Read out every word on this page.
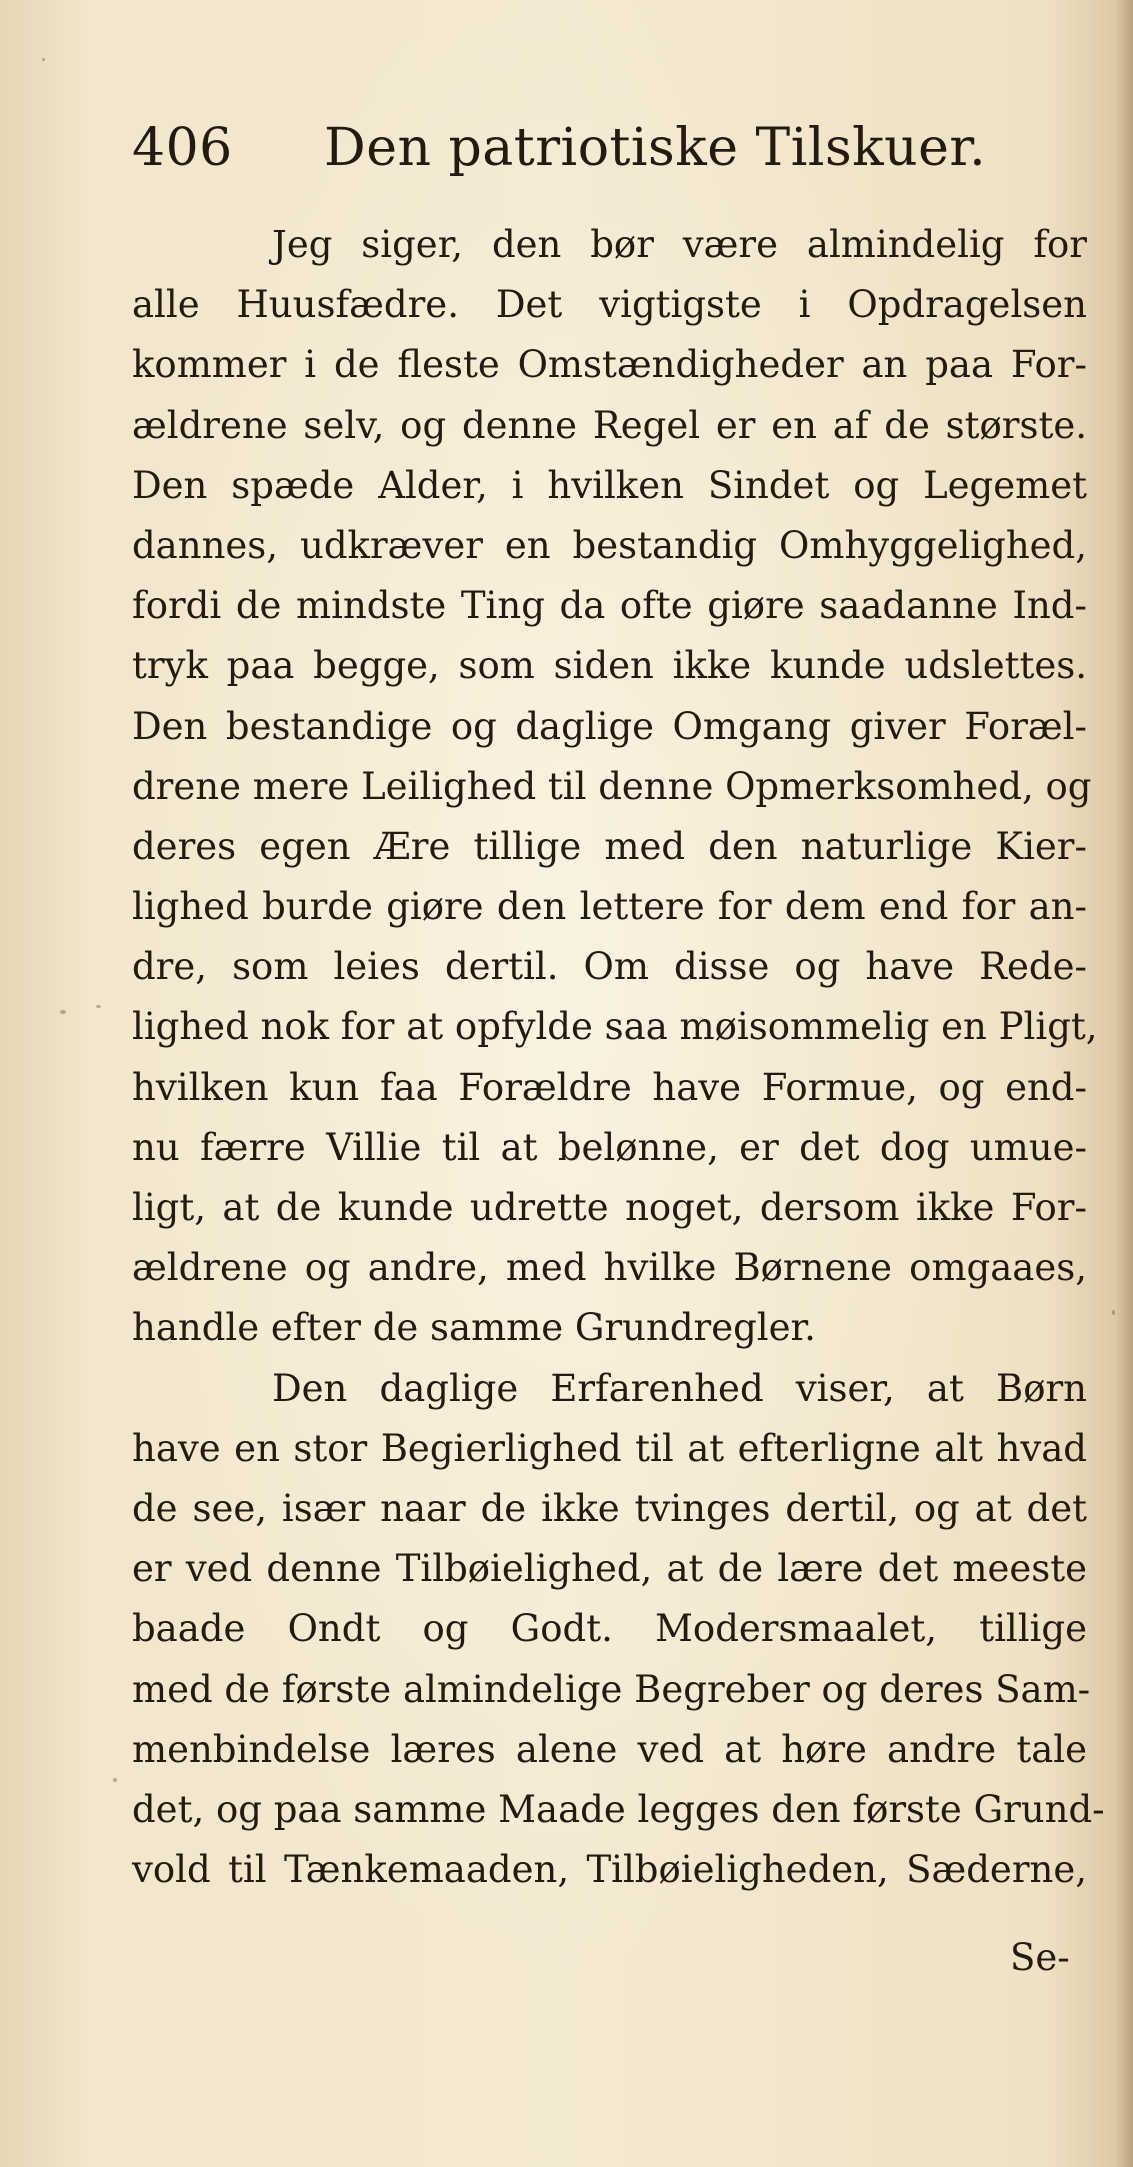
406 Den patriotiske Tilskuer.
Jeg siger, den bør være almindelig for
alle Huusfædre. Det vigtigste i Opdragelsen
kommer i de fleste Omstændigheder an paa For-
ældrene selv, og denne Regel er en af de største.
Den spæde Alder, i hvilken Sindet og Legemet
dannes, udkræver en bestandig Omhyggelighed,
fordi de mindste Ting da ofte giøre saadanne Ind-
tryk paa begge, som siden ikke kunde udslettes.
Den bestandige og daglige Omgang giver Foræl-
drene mere Leilighed til denne Opmerksomhed, og
deres egen Ære tillige med den naturlige Kier-
lighed burde giøre den lettere for dem end for an-
dre, som leies dertil. Om disse og have Rede-
lighed nok for at opfylde saa møisommelig en Pligt,
hvilken kun faa Forældre have Formue, og end-
nu færre Villie til at belønne, er det dog umue-
ligt, at de kunde udrette noget, dersom ikke For-
ældrene og andre, med hvilke Børnene omgaaes,
handle efter de samme Grundregler.
Den daglige Erfarenhed viser, at Børn
have en stor Begierlighed til at efterligne alt hvad
de see, især naar de ikke tvinges dertil, og at det
er ved denne Tilbøielighed, at de lære det meeste
baade Ondt og Godt. Modersmaalet, tillige
med de første almindelige Begreber og deres Sam-
menbindelse læres alene ved at høre andre tale
det, og paa samme Maade legges den første Grund-
vold til Tænkemaaden, Tilbøieligheden, Sæderne,
Se-
